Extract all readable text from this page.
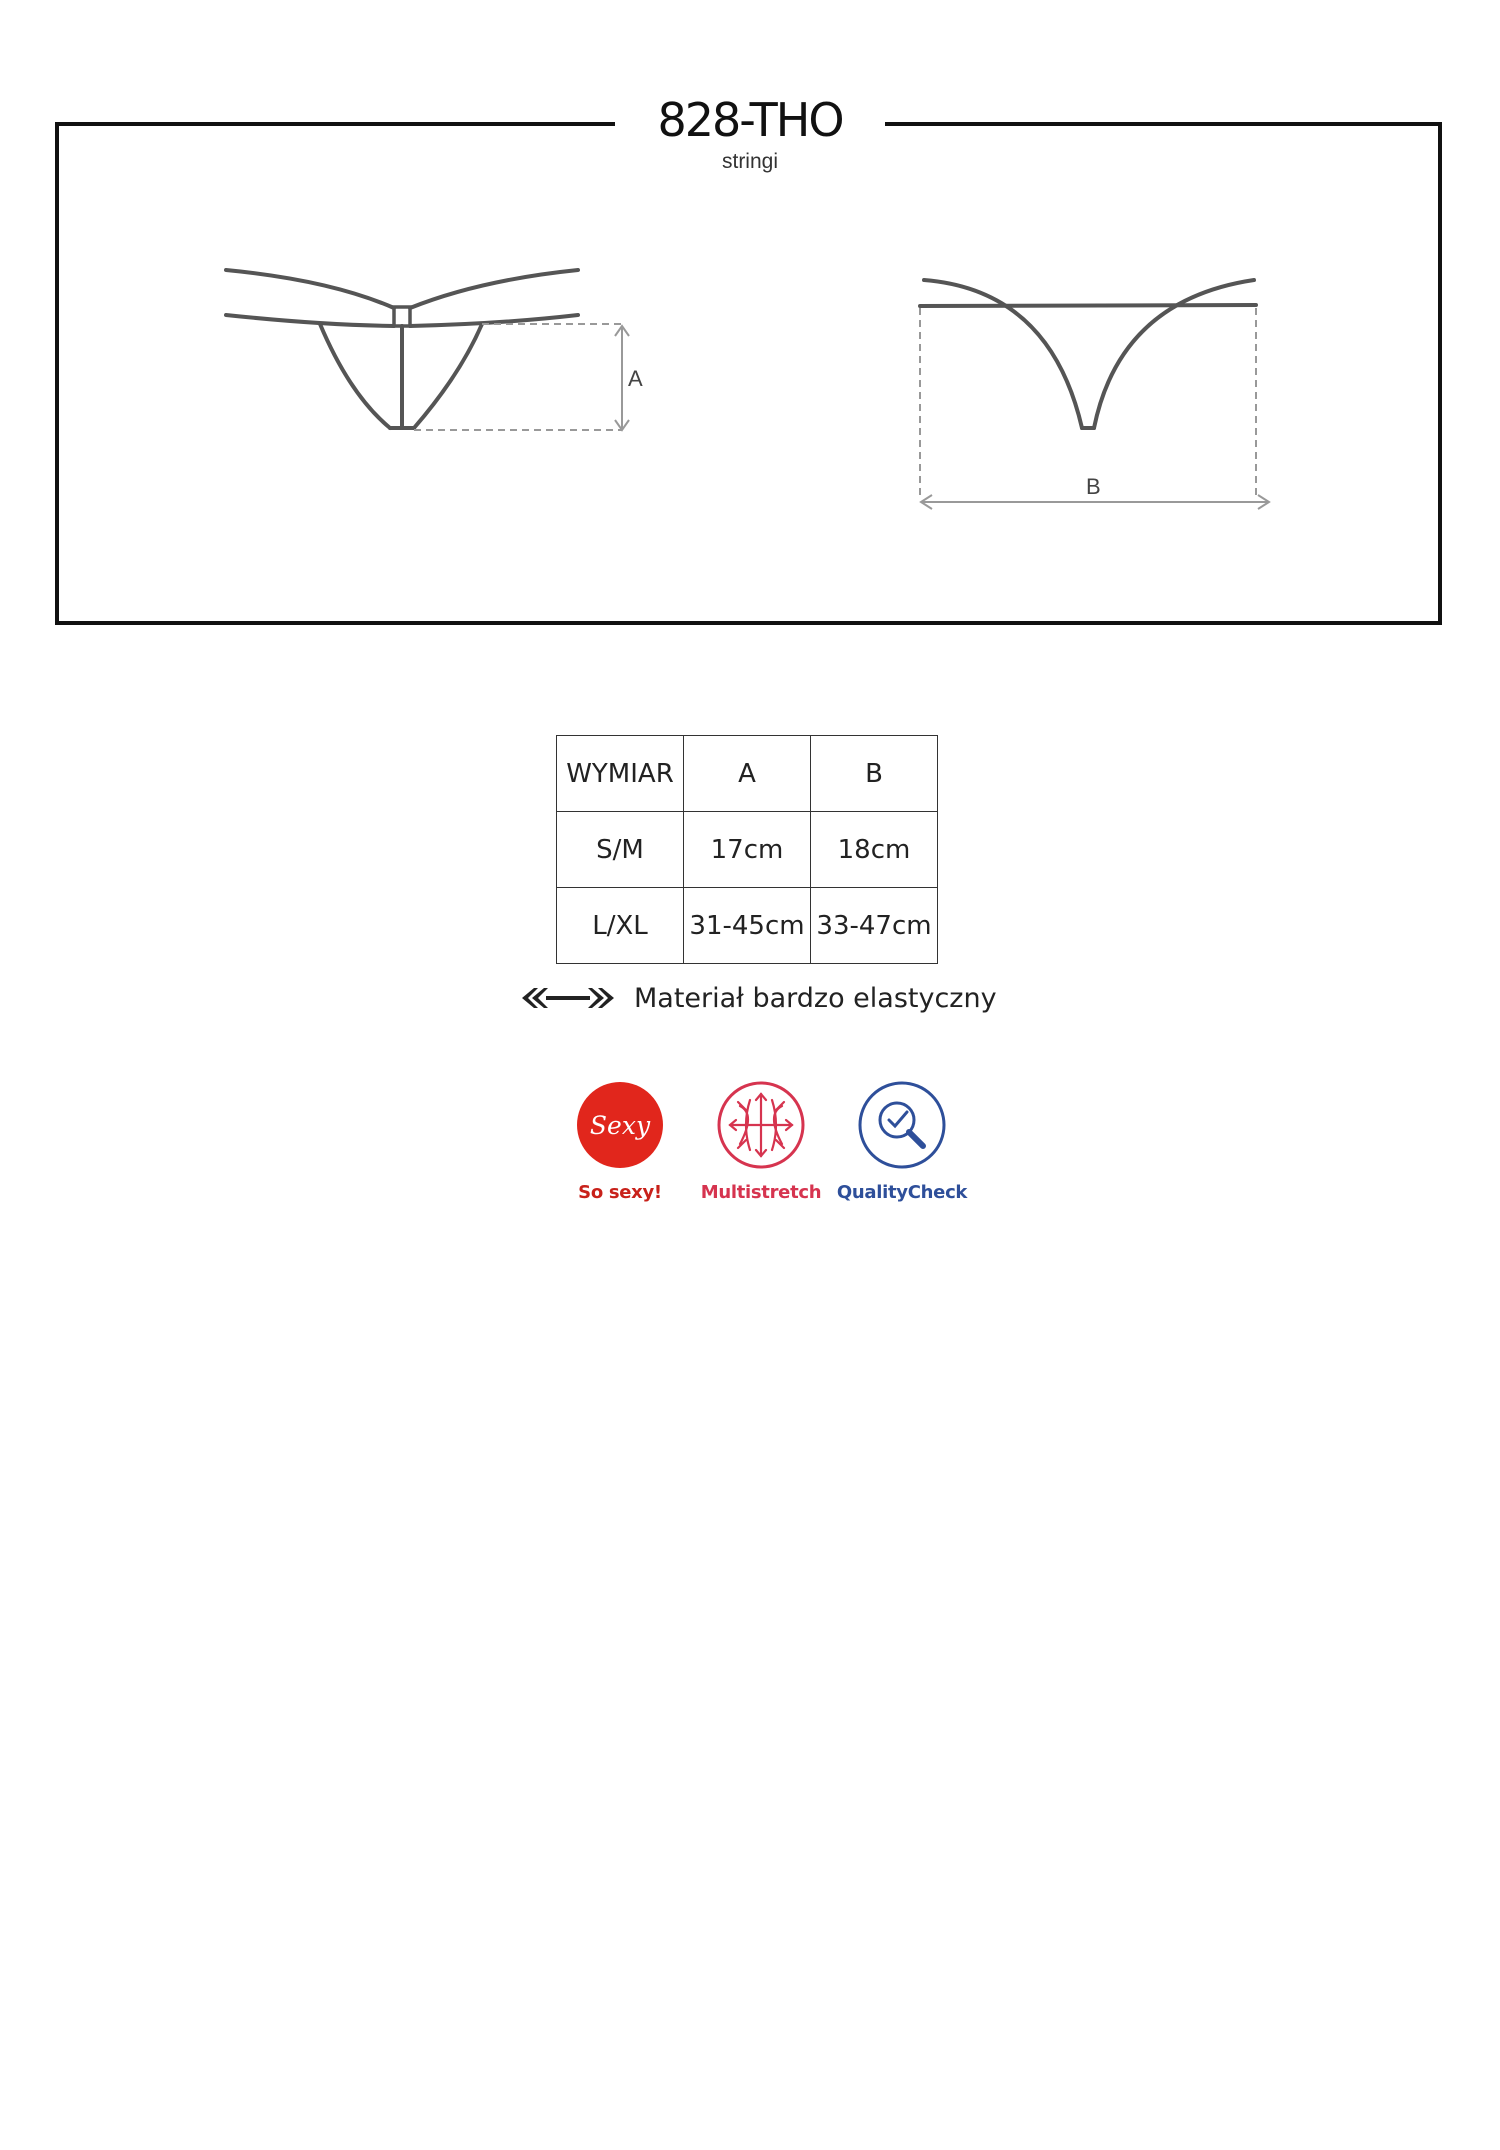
828-THO
stringi
A
B
WYMIAR	A	B
S/M	17cm	18cm
L/XL	31-45cm	33-47cm
Materiał bardzo elastyczny
Sexy
So sexy!	Multistretch QualityCheck
